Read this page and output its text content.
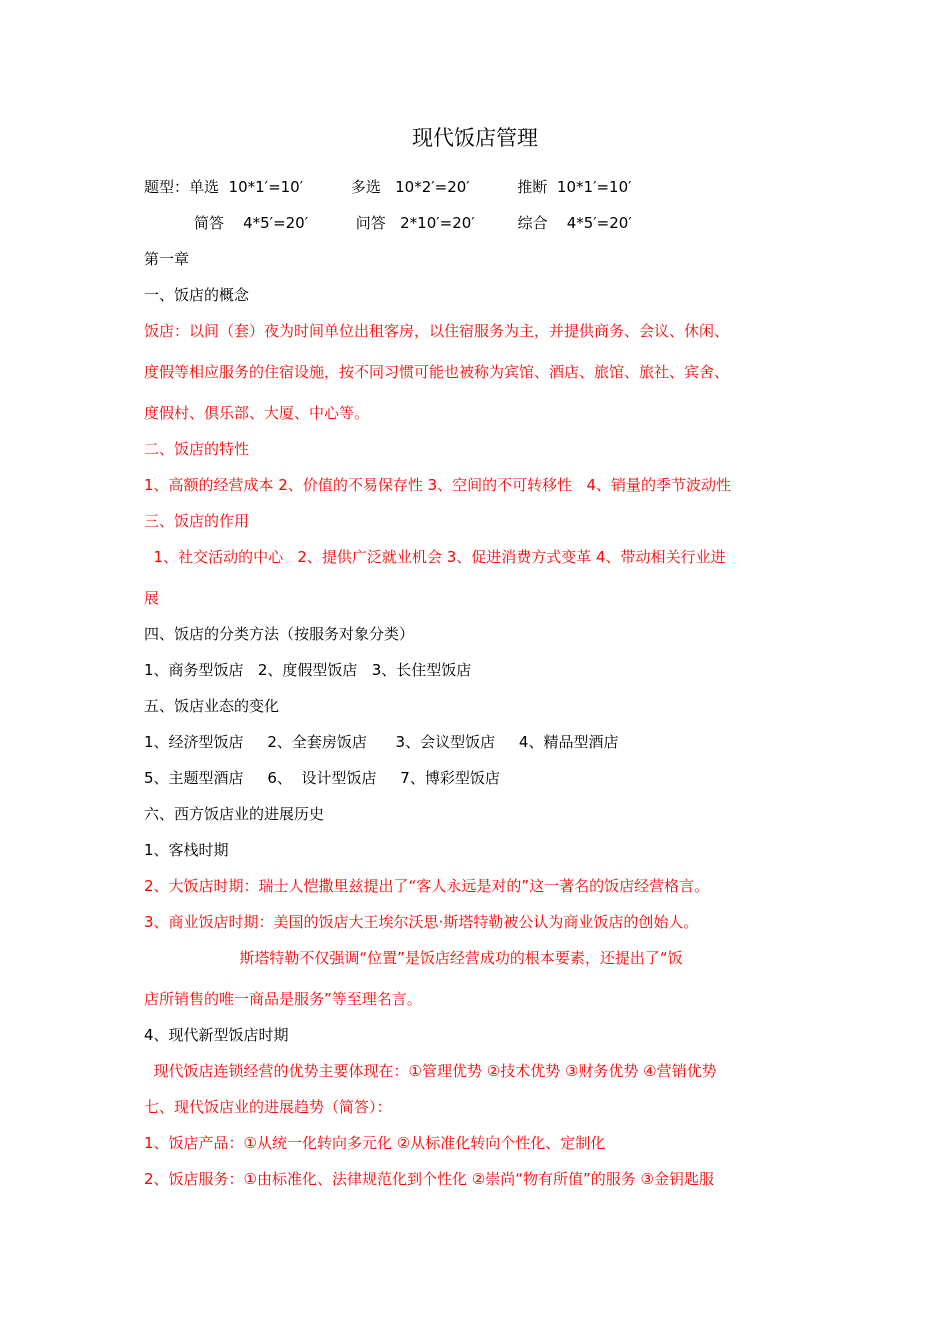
现代饭店管理
题型：单选  10*1′=10′          多选   10*2′=20′          推断  10*1′=10′
简答    4*5′=20′          问答   2*10′=20′         综合    4*5′=20′
第一章
一、饭店的概念
饭店：以间（套）夜为时间单位出租客房，以住宿服务为主，并提供商务、会议、休闲、
度假等相应服务的住宿设施，按不同习惯可能也被称为宾馆、酒店、旅馆、旅社、宾舍、
度假村、俱乐部、大厦、中心等。
二、饭店的特性
1、高额的经营成本 2、价值的不易保存性 3、空间的不可转移性   4、销量的季节波动性
三、饭店的作用
1、社交活动的中心   2、提供广泛就业机会 3、促进消费方式变革 4、带动相关行业进
展
四、饭店的分类方法（按服务对象分类）
1、商务型饭店   2、度假型饭店   3、长住型饭店
五、饭店业态的变化
1、经济型饭店     2、全套房饭店      3、会议型饭店     4、精品型酒店
5、主题型酒店     6、  设计型饭店     7、博彩型饭店
六、西方饭店业的进展历史
1、客栈时期
2、大饭店时期：瑞士人恺撒里兹提出了“客人永远是对的”这一著名的饭店经营格言。
3、商业饭店时期：美国的饭店大王埃尔沃思·斯塔特勒被公认为商业饭店的创始人。
斯塔特勒不仅强调“位置”是饭店经营成功的根本要素，还提出了“饭
店所销售的唯一商品是服务”等至理名言。
4、现代新型饭店时期
现代饭店连锁经营的优势主要体现在：①管理优势 ②技术优势 ③财务优势 ④营销优势
七、现代饭店业的进展趋势（简答）：
1、饭店产品：①从统一化转向多元化 ②从标准化转向个性化、定制化
2、饭店服务：①由标准化、法律规范化到个性化 ②崇尚“物有所值”的服务 ③金钥匙服
